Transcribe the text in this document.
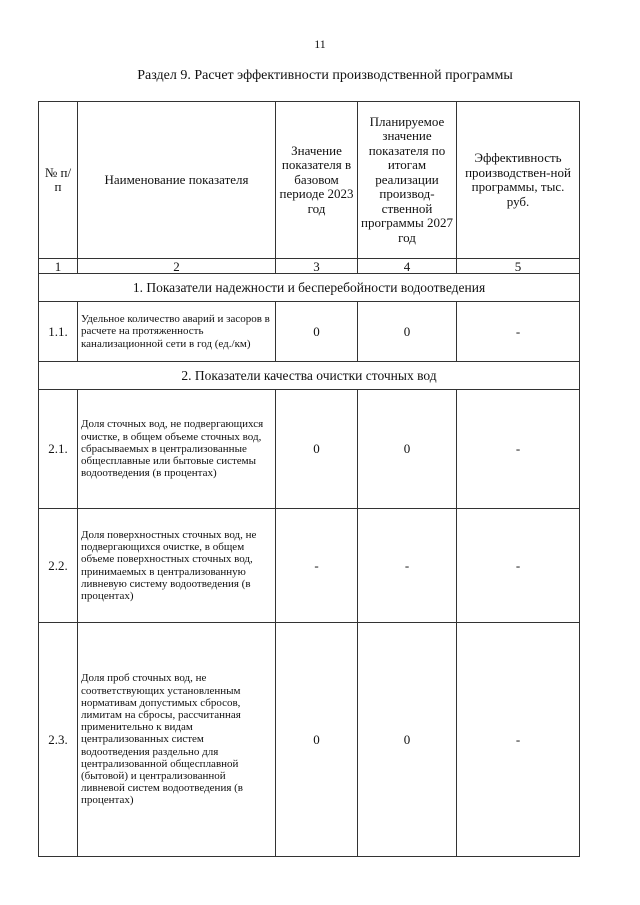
11
Раздел 9. Расчет эффективности производственной программы
№ п/п	Наименование показателя	Значение показателя в базовом периоде 2023 год	Планируемое значение показателя по итогам реализации производ-ственной программы 2027 год	Эффективность производствен-ной программы, тыс. руб.
1	2	3	4	5
1. Показатели надежности и бесперебойности водоотведения				
1.1.	Удельное количество аварий и засоров в расчете на протяженность канализационной сети в год (ед./км)	0	0	-
2. Показатели качества очистки сточных вод				
2.1.	Доля сточных вод, не подвергающихся очистке, в общем объеме сточных вод, сбрасываемых в централизованные общесплавные или бытовые системы водоотведения (в процентах)	0	0	-
2.2.	Доля поверхностных сточных вод, не подвергающихся очистке, в общем объеме поверхностных сточных вод, принимаемых в централизованную ливневую систему водоотведения (в процентах)	-	-	-
2.3.	Доля проб сточных вод, не соответствующих установленным нормативам допустимых сбросов, лимитам на сбросы, рассчитанная применительно к видам централизованных систем водоотведения раздельно для централизованной общесплавной (бытовой) и централизованной ливневой систем водоотведения (в процентах)	0	0	-
